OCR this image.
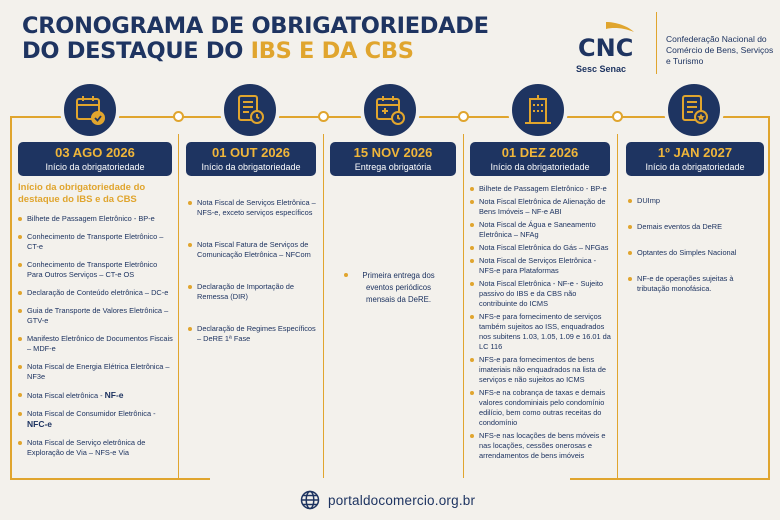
CRONOGRAMA DE OBRIGATORIEDADE
DO DESTAQUE DO IBS E DA CBS	CNC
Sesc Senac
Confederação Nacional do Comércio de Bens, Serviços e Turismo
03 AGO 2026
Início da obrigatoriedade
Início da obrigatoriedade do destaque do IBS e da CBS
Bilhete de Passagem Eletrônico - BP-e
Conhecimento de Transporte Eletrônico – CT-e
Conhecimento de Transporte Eletrônico Para Outros Serviços – CT-e OS
Declaração de Conteúdo eletrônica – DC-e
Guia de Transporte de Valores Eletrônica – GTV-e
Manifesto Eletrônico de Documentos Fiscais – MDF-e
Nota Fiscal de Energia Elétrica Eletrônica – NF3e
Nota Fiscal eletrônica - NF-e
Nota Fiscal de Consumidor Eletrônica - NFC-e
Nota Fiscal de Serviço eletrônica de Exploração de Via – NFS-e Via
01 OUT 2026
Início da obrigatoriedade
Nota Fiscal de Serviços Eletrônica – NFS-e, exceto serviços específicos
Nota Fiscal Fatura de Serviços de Comunicação Eletrônica – NFCom
Declaração de Importação de Remessa (DIR)
Declaração de Regimes Específicos – DeRE 1ª Fase
15 NOV 2026
Entrega obrigatória
Primeira entrega dos eventos periódicos mensais da DeRE.
01 DEZ 2026
Início da obrigatoriedade
Bilhete de Passagem Eletrônico - BP-e
Nota Fiscal Eletrônica de Alienação de Bens Imóveis – NF-e ABI
Nota Fiscal de Água e Saneamento Eletrônica – NFAg
Nota Fiscal Eletrônica do Gás – NFGas
Nota Fiscal de Serviços Eletrônica - NFS-e para Plataformas
Nota Fiscal Eletrônica - NF-e - Sujeito passivo do IBS e da CBS não contribuinte do ICMS
NFS-e para fornecimento de serviços também sujeitos ao ISS, enquadrados nos subitens 1.03, 1.05, 1.09 e 16.01 da LC 116
NFS-e para fornecimentos de bens imateriais não enquadrados na lista de serviços e não sujeitos ao ICMS
NFS-e na cobrança de taxas e demais valores condominiais pelo condomínio edilício, bem como outras receitas do condomínio
NFS-e nas locações de bens móveis e nas locações, cessões onerosas e arrendamentos de bens imóveis
1º JAN 2027
Início da obrigatoriedade
DUImp
Demais eventos da DeRE
Optantes do Simples Nacional
NF-e de operações sujeitas à tributação monofásica.
portaldocomercio.org.br
